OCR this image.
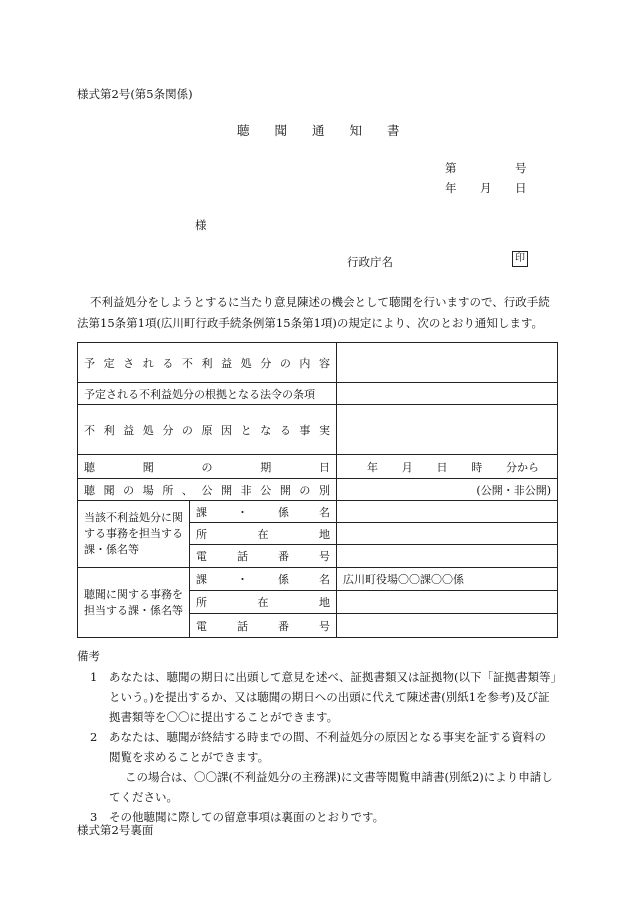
様式第2号(第5条関係)
聴聞通知書
第	号
年 月 日
様
行政庁名	印
不利益処分をしようとするに当たり意見陳述の機会として聴聞を行いますので、行政手続法第15条第1項(広川町行政手続条例第15条第1項)の規定により、次のとおり通知します。
予定される不利益処分の内容		
予定される不利益処分の根拠となる法令の条項		
不利益処分の原因となる事実		
聴聞の期日		年 月 日 時 分から

聴聞の場所、公開非公開の別		(公開・非公開)
当該不利益処分に関する事務を担当する課・係名等	課・係名	
	所在地	
	電話番号	
聴聞に関する事務を担当する課・係名等	課・係名	広川町役場〇〇課〇〇係
	所在地	
	電話番号	
備考
1 あなたは、聴聞の期日に出頭して意見を述べ、証拠書類又は証拠物(以下「証拠書類等」という。)を提出するか、又は聴聞の期日への出頭に代えて陳述書(別紙1を参考)及び証拠書類等を〇〇に提出することができます。
2 あなたは、聴聞が終結する時までの間、不利益処分の原因となる事実を証する資料の閲覧を求めることができます。
この場合は、〇〇課(不利益処分の主務課)に文書等閲覧申請書(別紙2)により申請してください。
3 その他聴聞に際しての留意事項は裏面のとおりです。
様式第2号裏面
